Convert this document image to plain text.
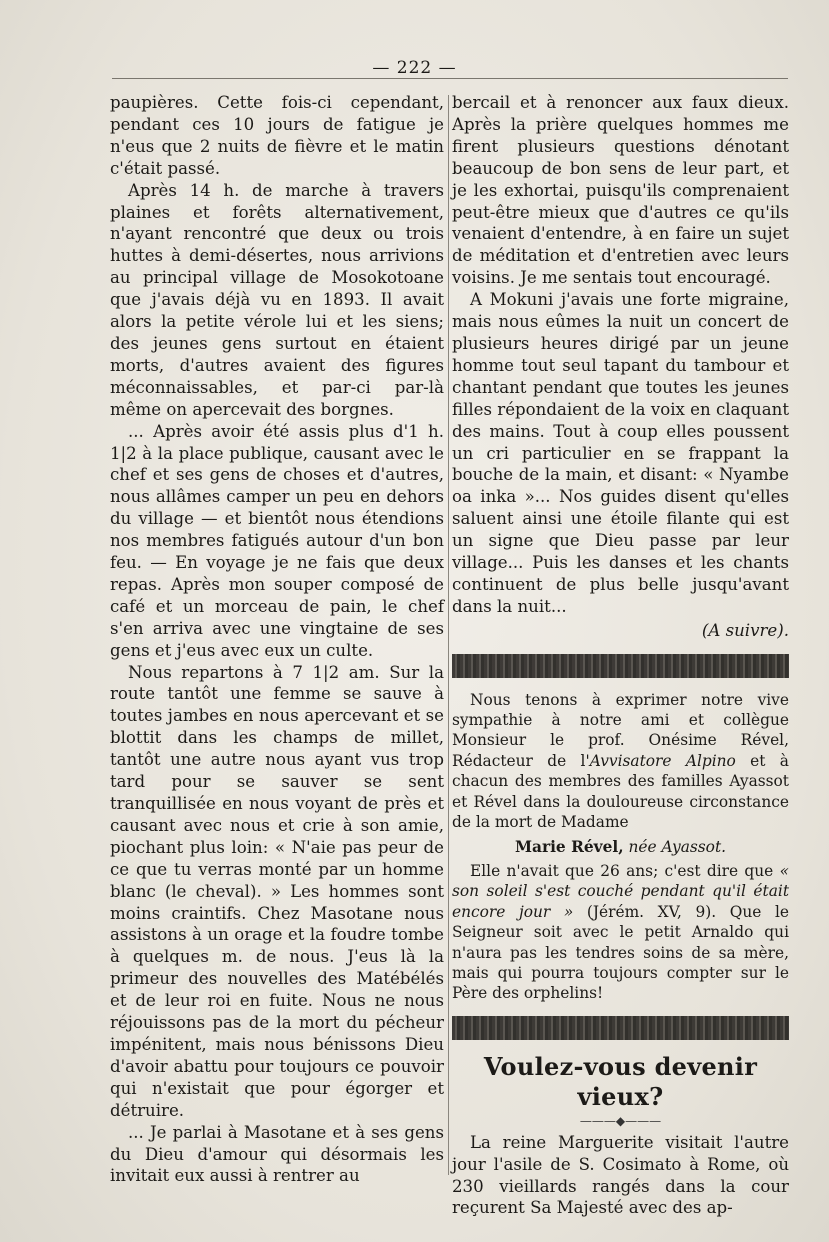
— 222 —

paupières. Cette fois-ci cependant, pendant ces 10 jours de fatigue je n'eus que 2 nuits de fièvre et le matin c'était passé.

Après 14 h. de marche à travers plaines et forêts alternativement, n'ayant rencontré que deux ou trois huttes à demi-désertes, nous arrivions au principal village de Mosokotoane que j'avais déjà vu en 1893. Il avait alors la petite vérole lui et les siens; des jeunes gens surtout en étaient morts, d'autres avaient des figures méconnaissables, et par-ci par-là même on apercevait des borgnes.

... Après avoir été assis plus d'1 h. 1|2 à la place publique, causant avec le chef et ses gens de choses et d'autres, nous allâmes camper un peu en dehors du village — et bientôt nous étendions nos membres fatigués autour d'un bon feu. — En voyage je ne fais que deux repas. Après mon souper composé de café et un morceau de pain, le chef s'en arriva avec une vingtaine de ses gens et j'eus avec eux un culte.

Nous repartons à 7 1|2 am. Sur la route tantôt une femme se sauve à toutes jambes en nous apercevant et se blottit dans les champs de millet, tantôt une autre nous ayant vus trop tard pour se sauver se sent tranquillisée en nous voyant de près et causant avec nous et crie à son amie, piochant plus loin: « N'aie pas peur de ce que tu verras monté par un homme blanc (le cheval). » Les hommes sont moins craintifs. Chez Masotane nous assistons à un orage et la foudre tombe à quelques m. de nous. J'eus là la primeur des nouvelles des Matébélés et de leur roi en fuite. Nous ne nous réjouissons pas de la mort du pécheur impénitent, mais nous bénissons Dieu d'avoir abattu pour toujours ce pouvoir qui n'existait que pour égorger et détruire.

... Je parlai à Masotane et à ses gens du Dieu d'amour qui désormais les invitait eux aussi à rentrer au

bercail et à renoncer aux faux dieux. Après la prière quelques hommes me firent plusieurs questions dénotant beaucoup de bon sens de leur part, et je les exhortai, puisqu'ils comprenaient peut-être mieux que d'autres ce qu'ils venaient d'entendre, à en faire un sujet de méditation et d'entretien avec leurs voisins. Je me sentais tout encouragé.

A Mokuni j'avais une forte migraine, mais nous eûmes la nuit un concert de plusieurs heures dirigé par un jeune homme tout seul tapant du tambour et chantant pendant que toutes les jeunes filles répondaient de la voix en claquant des mains. Tout à coup elles poussent un cri particulier en se frappant la bouche de la main, et disant: « Nyambe oa inka »... Nos guides disent qu'elles saluent ainsi une étoile filante qui est un signe que Dieu passe par leur village... Puis les danses et les chants continuent de plus belle jusqu'avant dans la nuit...

(A suivre).

Nous tenons à exprimer notre vive sympathie à notre ami et collègue Monsieur le prof. Onésime Rével, Rédacteur de l'Avvisatore Alpino et à chacun des membres des familles Ayassot et Rével dans la douloureuse circonstance de la mort de Madame

Marie Rével, née Ayassot.

Elle n'avait que 26 ans; c'est dire que « son soleil s'est couché pendant qu'il était encore jour » (Jérém. XV, 9). Que le Seigneur soit avec le petit Arnaldo qui n'aura pas les tendres soins de sa mère, mais qui pourra toujours compter sur le Père des orphelins!

Voulez-vous devenir vieux?
———◆———

La reine Marguerite visitait l'autre jour l'asile de S. Cosimato à Rome, où 230 vieillards rangés dans la cour reçurent Sa Majesté avec des ap-
